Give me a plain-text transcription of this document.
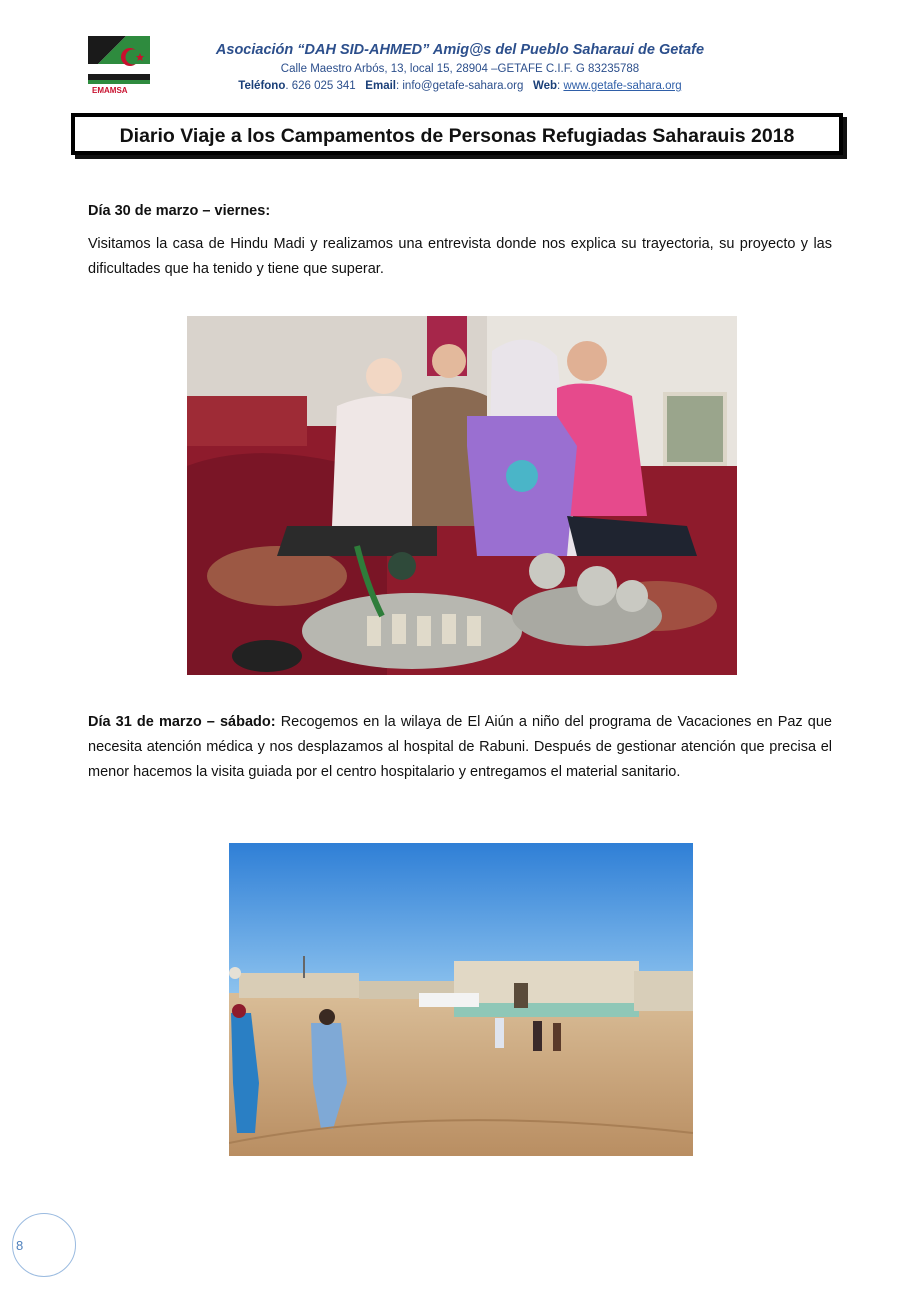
EMAMSA
Asociación “DAH SID-AHMED” Amig@s del Pueblo Saharaui de Getafe
Calle Maestro Arbós, 13, local 15, 28904 –GETAFE C.I.F. G 83235788
Teléfono. 626 025 341 Email: info@getafe-sahara.org Web: www.getafe-sahara.org
Diario Viaje a los Campamentos de Personas Refugiadas Saharauis 2018
Día 30 de marzo – viernes:
Visitamos la casa de Hindu Madi y realizamos una entrevista donde nos explica su trayectoria, su proyecto y las dificultades que ha tenido y tiene que superar.
Día 31 de marzo – sábado: Recogemos en la wilaya de El Aiún a niño del programa de Vacaciones en Paz que necesita atención médica y nos desplazamos al hospital de Rabuni. Después de gestionar atención que precisa el menor hacemos la visita guiada por el centro hospitalario y entregamos el material sanitario.
8
